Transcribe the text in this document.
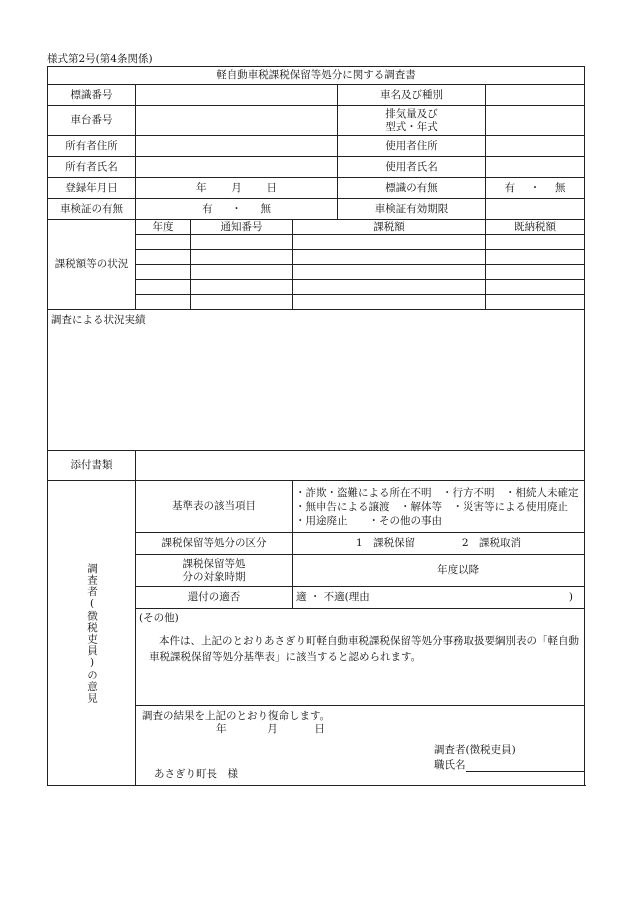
様式第2号(第4条関係)
軽自動車税課税保留等処分に関する調査書					
標識番号				車名及び種別	
車台番号				排気量及び
型式・年式	

所有者住所				使用者住所	
所有者氏名				使用者氏名	
登録年月日	年 月 日			標識の有無	有 ・ 無
車検証の有無	有 ・ 無			車検証有効期限	
課税額等の状況	年度	通知番号	課税額		既納税額

調査による状況実績					
添付書類					

調査者(徴税吏員)の意見	基準表の該当項目		・詐欺・盗難による所在不明　・行方不明　・相続人未確定
・無申告による譲渡　・解体等　・災害等による使用廃止
・用途廃止　　・その他の事由		

	課税保留等処分の区分		1　課税保留 2　課税取消		

	課税保留等処
分の対象時期		年度以降		
	還付の適否		適 ・ 不適(理由 )		

	(その他)
本件は、上記のとおりあさぎり町軽自動車税課税保留等処分事務取扱要綱別表の「軽自動車税課税保留等処分基準表」に該当すると認められます。				

	調査の結果を上記のとおり復命します。
年 月 日
調査者(徴税吏員)
職氏名
あさぎり町長　様				
